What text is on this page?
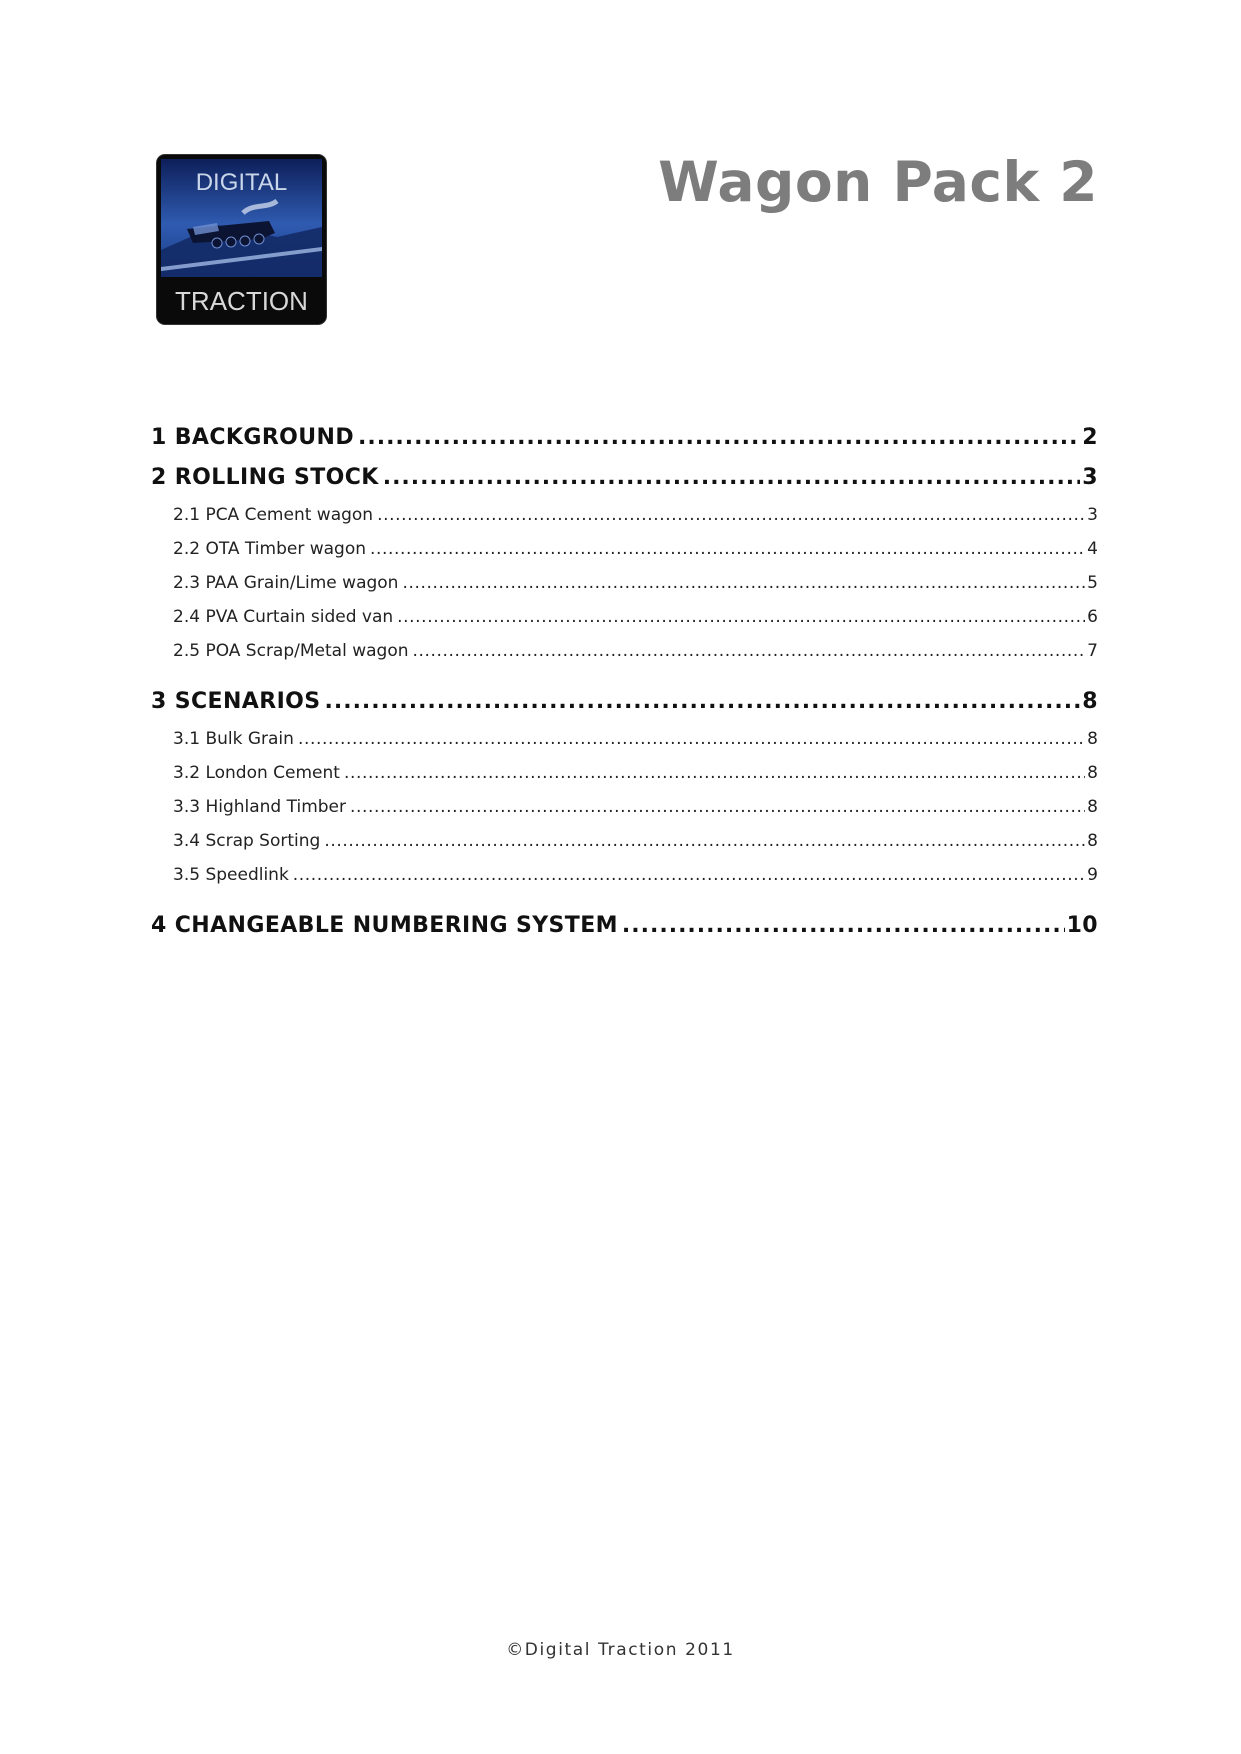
DIGITAL
TRACTION
Wagon Pack 2
1 BACKGROUND .....	2
2 ROLLING STOCK .....	3
2.1 PCA Cement wagon .....	3
2.2 OTA Timber wagon .....	4
2.3 PAA Grain/Lime wagon .....	5
2.4 PVA Curtain sided van .....	6
2.5 POA Scrap/Metal wagon .....	7
3 SCENARIOS .....	8
3.1 Bulk Grain .....	8
3.2 London Cement .....	8
3.3 Highland Timber .....	8
3.4 Scrap Sorting .....	8
3.5 Speedlink .....	9
4 CHANGEABLE NUMBERING SYSTEM .....	10
©Digital Traction 2011
